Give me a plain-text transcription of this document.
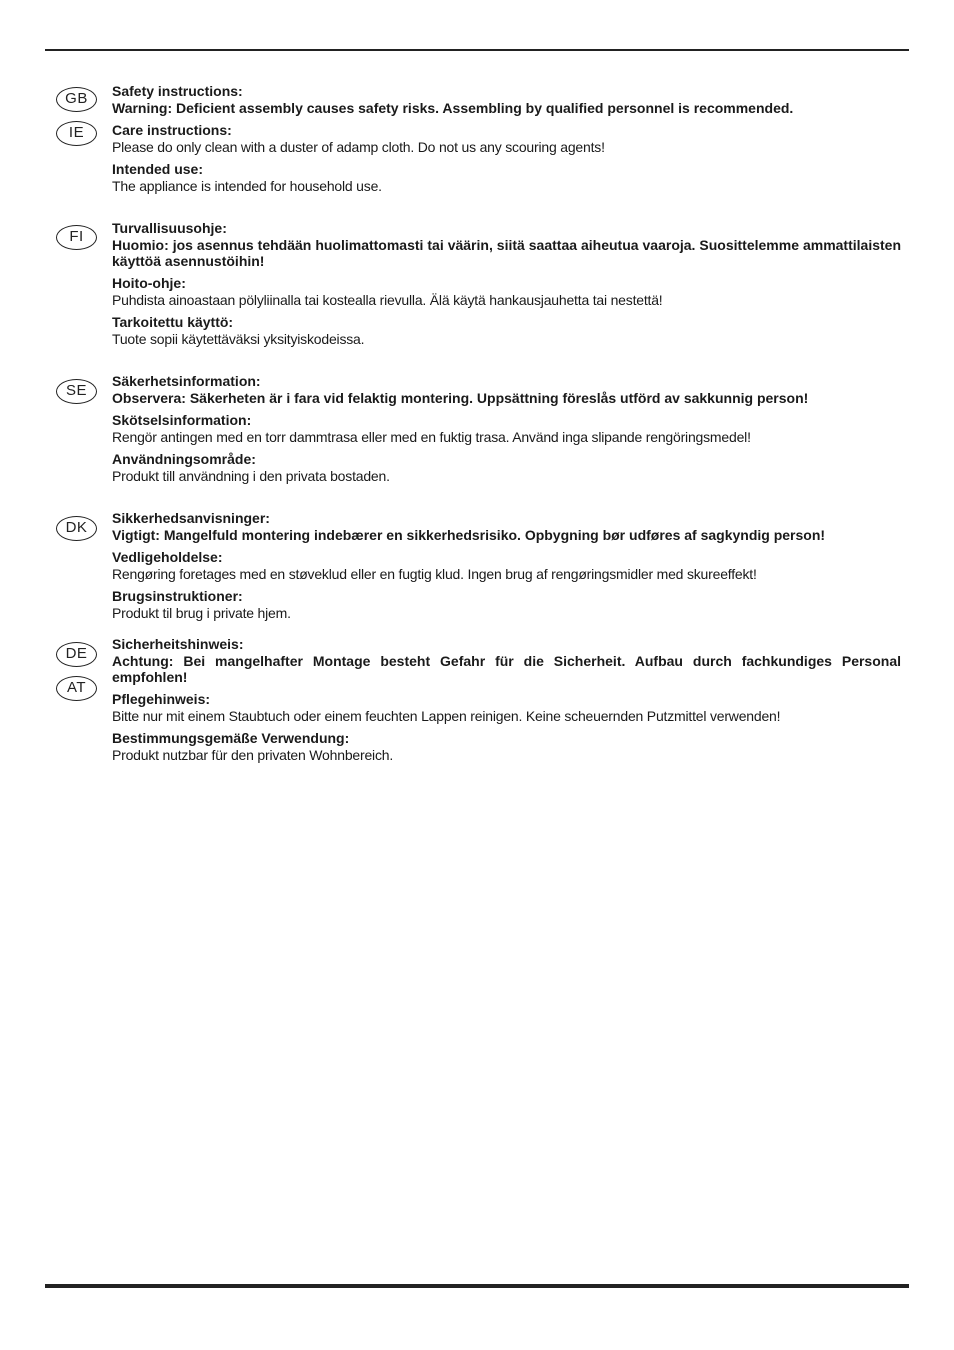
GB
IE

Safety instructions:

Warning: Deficient assembly causes safety risks. Assembling by qualified personnel is recommended.

Care instructions:

Please do only clean with a duster of adamp cloth. Do not us any scouring agents!

Intended use:

The appliance is intended for household use.

FI	Turvallisuusohje:

Huomio: jos asennus tehdään huolimattomasti tai väärin, siitä saattaa aiheutua vaaroja. Suosittelemme ammattilaisten käyttöä asennustöihin!

Hoito-ohje:

Puhdista ainoastaan pölyliinalla tai kostealla rievulla. Älä käytä hankausjauhetta tai nestettä!

Tarkoitettu käyttö:

Tuote sopii käytettäväksi yksityiskodeissa.

SE

Säkerhetsinformation:

Observera: Säkerheten är i fara vid felaktig montering. Uppsättning föreslås utförd av sakkunnig person!

Skötselsinformation:

Rengör antingen med en torr dammtrasa eller med en fuktig trasa. Använd inga slipande rengöringsmedel!

Användningsområde:

Produkt till användning i den privata bostaden.

DK

Sikkerhedsanvisninger:

Vigtigt: Mangelfuld montering indebærer en sikkerhedsrisiko. Opbygning bør udføres af sagkyndig person!

Vedligeholdelse:

Rengøring foretages med en støveklud eller en fugtig klud. Ingen brug af rengøringsmidler med skureeffekt!

Brugsinstruktioner:

Produkt til brug i private hjem.

DE
AT

Sicherheitshinweis:

Achtung: Bei mangelhafter Montage besteht Gefahr für die Sicherheit. Aufbau durch fachkundiges Personal empfohlen!

Pflegehinweis:

Bitte nur mit einem Staubtuch oder einem feuchten Lappen reinigen. Keine scheuernden Putzmittel verwenden!

Bestimmungsgemäße Verwendung:

Produkt nutzbar für den privaten Wohnbereich.
